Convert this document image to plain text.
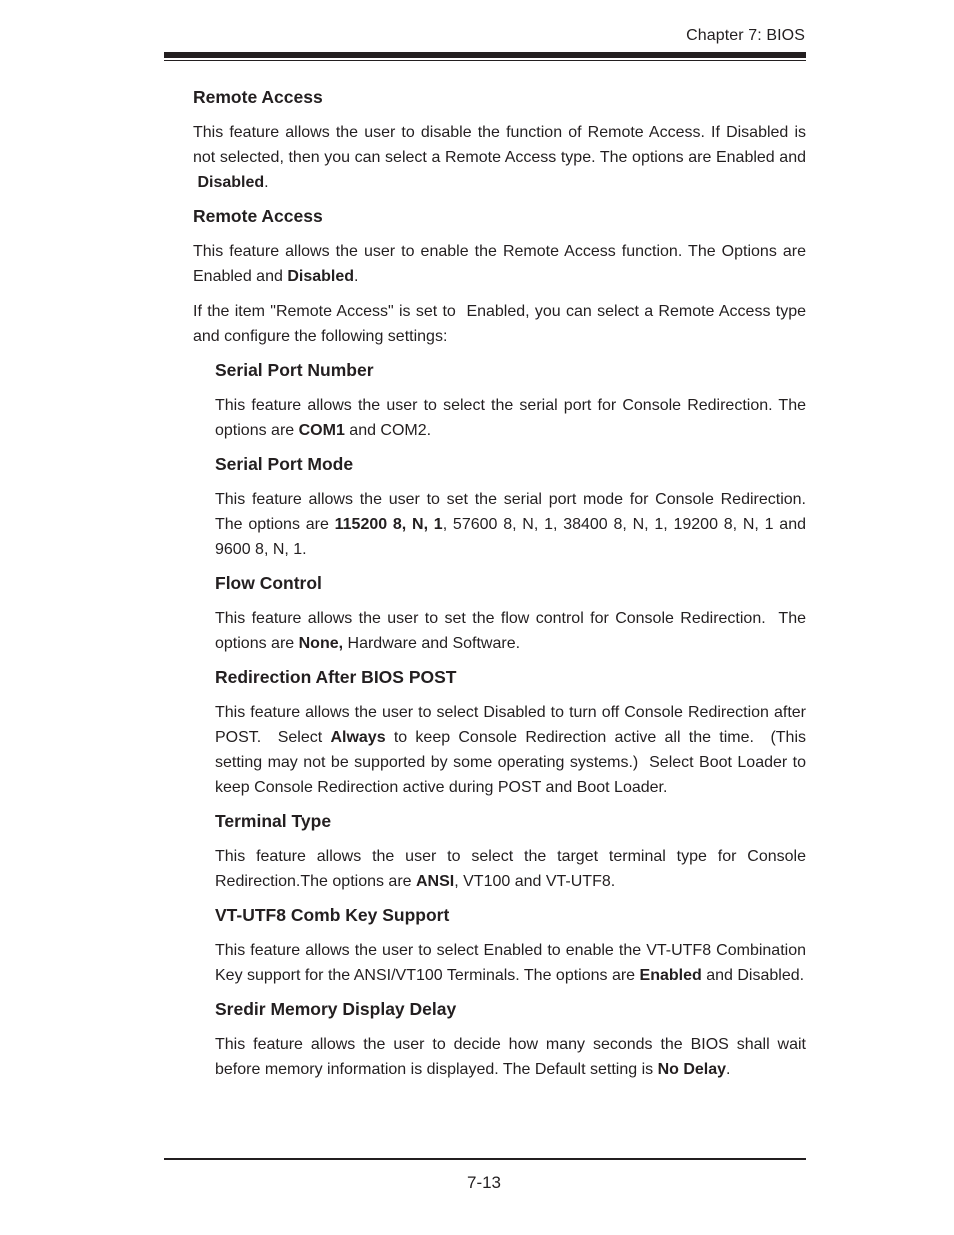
Chapter 7: BIOS
Remote Access

This feature allows the user to disable the function of Remote Access. If Disabled is not selected, then you can select a Remote Access type. The options are Enabled and  Disabled.

Remote Access

This feature allows the user to enable the Remote Access function. The Options are Enabled and Disabled.

If the item "Remote Access" is set to  Enabled, you can select a Remote Access type and configure the following settings:

Serial Port Number

This feature allows the user to select the serial port for Console Redirection. The options are COM1 and COM2.

Serial Port Mode

This feature allows the user to set the serial port mode for Console Redirection. The options are 115200 8, N, 1, 57600 8, N, 1, 38400 8, N, 1, 19200 8, N, 1 and 9600 8, N, 1.

Flow Control

This feature allows the user to set the flow control for Console Redirection.  The options are None, Hardware and Software.

Redirection After BIOS POST

This feature allows the user to select Disabled to turn off Console Redirection after POST.  Select Always to keep Console Redirection active all the time.  (This setting may not be supported by some operating systems.)  Select Boot Loader to keep Console Redirection active during POST and Boot Loader.

Terminal Type

This feature allows the user to select the target terminal type for Console Redirection.The options are ANSI, VT100 and VT-UTF8.

VT-UTF8 Comb Key Support

This feature allows the user to select Enabled to enable the VT-UTF8 Combination Key support for the ANSI/VT100 Terminals. The options are Enabled and Disabled.

Sredir Memory Display Delay

This feature allows the user to decide how many seconds the BIOS shall wait before memory information is displayed. The Default setting is No Delay.

7-13
